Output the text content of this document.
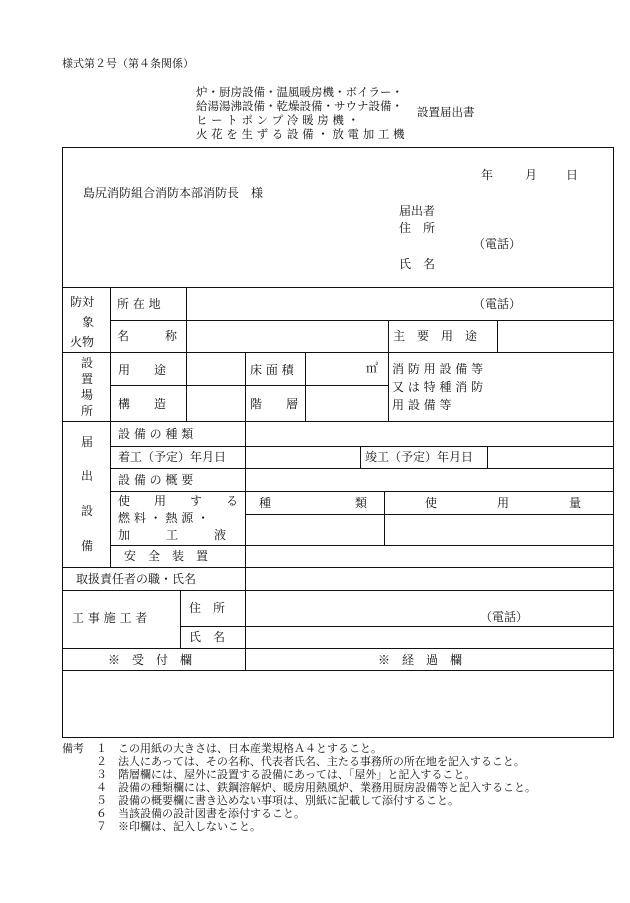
様式第２号（第４条関係）
炉・厨房設備・温風暖房機・ボイラー・
給湯湯沸設備・乾燥設備・サウナ設備・
ヒ ー ト ポ ン プ 冷 暖 房 機 ・
火 花 を 生 ず る 設 備 ・ 放 電 加 工 機
設置届出書
年	月 日
島尻消防組合消防本部消防長　様
届出者
住　所
（電話）
氏　名
防対
象
火物
所 在 地	（電話）
名　　　称	主　要　用　途
設
置
場
所
用　　途	床 面 積	㎡ 消 防 用 設 備 等
又 は 特 種 消 防
用 設 備 等
構　　造	階　　層
届
出
設
備
設 備 の 種 類
着工（予定）年月日	竣工（予定）年月日
設 備 の 概 要
使　　用　　す　　る
燃 料 ・ 熱 源 ・
加　　　工　　　液
種　　　　　　　類	使　　　　　用　　　　　量
安　全　装　置
取扱責任者の職・氏名
工 事 施 工 者
住　所
（電話）
氏　名
※　受　付　欄	※　経　過　欄
備考 １　この用紙の大きさは、日本産業規格Ａ４とすること。
２　法人にあっては、その名称、代表者氏名、主たる事務所の所在地を記入すること。
３　階層欄には、屋外に設置する設備にあっては、「屋外」と記入すること。
４　設備の種類欄には、鉄鋼溶解炉、暖房用熱風炉、業務用厨房設備等と記入すること。
５　設備の概要欄に書き込めない事項は、別紙に記載して添付すること。
６　当該設備の設計図書を添付すること。
７　※印欄は、記入しないこと。
